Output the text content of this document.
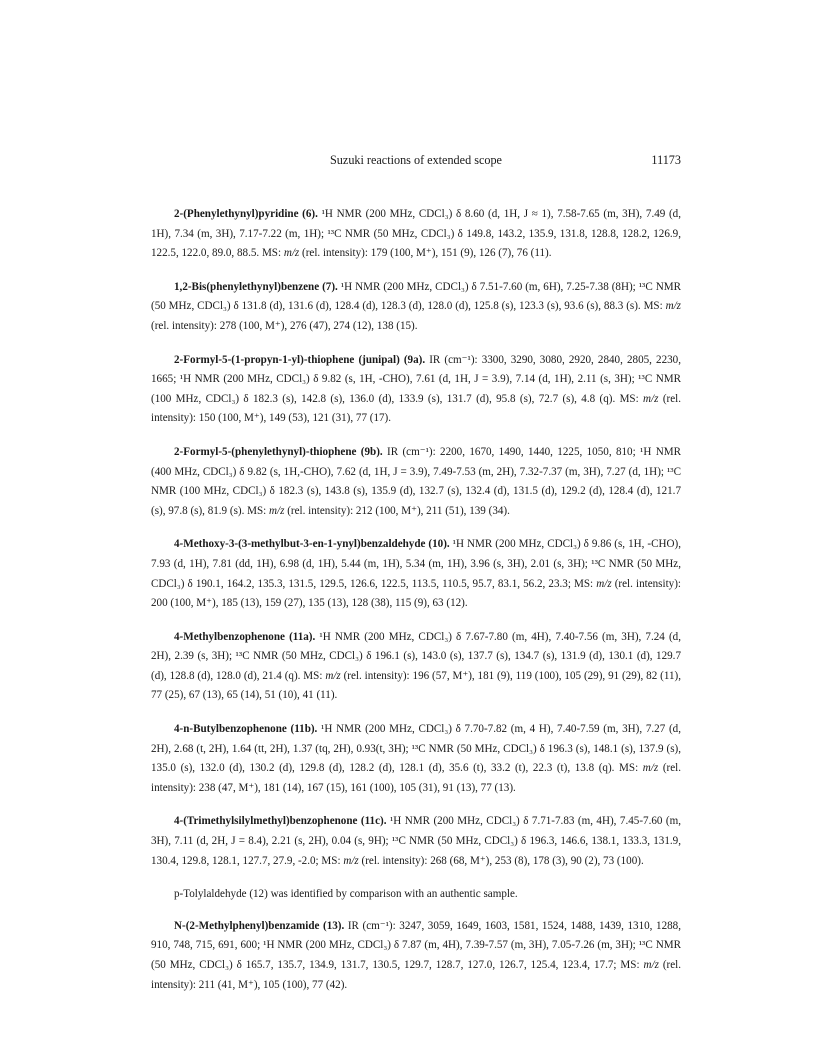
Suzuki reactions of extended scope	11173

2-(Phenylethynyl)pyridine (6). ¹H NMR (200 MHz, CDCl₃) δ 8.60 (d, 1H, J ≈ 1), 7.58-7.65 (m, 3H), 7.49 (d, 1H), 7.34 (m, 3H), 7.17-7.22 (m, 1H); ¹³C NMR (50 MHz, CDCl₃) δ 149.8, 143.2, 135.9, 131.8, 128.8, 128.2, 126.9, 122.5, 122.0, 89.0, 88.5. MS: m/z (rel. intensity): 179 (100, M⁺), 151 (9), 126 (7), 76 (11).

1,2-Bis(phenylethynyl)benzene (7). ¹H NMR (200 MHz, CDCl₃) δ 7.51-7.60 (m, 6H), 7.25-7.38 (8H); ¹³C NMR (50 MHz, CDCl₃) δ 131.8 (d), 131.6 (d), 128.4 (d), 128.3 (d), 128.0 (d), 125.8 (s), 123.3 (s), 93.6 (s), 88.3 (s). MS: m/z (rel. intensity): 278 (100, M⁺), 276 (47), 274 (12), 138 (15).

2-Formyl-5-(1-propyn-1-yl)-thiophene (junipal) (9a). IR (cm⁻¹): 3300, 3290, 3080, 2920, 2840, 2805, 2230, 1665; ¹H NMR (200 MHz, CDCl₃) δ 9.82 (s, 1H, -CHO), 7.61 (d, 1H, J = 3.9), 7.14 (d, 1H), 2.11 (s, 3H); ¹³C NMR (100 MHz, CDCl₃) δ 182.3 (s), 142.8 (s), 136.0 (d), 133.9 (s), 131.7 (d), 95.8 (s), 72.7 (s), 4.8 (q). MS: m/z (rel. intensity): 150 (100, M⁺), 149 (53), 121 (31), 77 (17).

2-Formyl-5-(phenylethynyl)-thiophene (9b). IR (cm⁻¹): 2200, 1670, 1490, 1440, 1225, 1050, 810; ¹H NMR (400 MHz, CDCl₃) δ 9.82 (s, 1H,-CHO), 7.62 (d, 1H, J = 3.9), 7.49-7.53 (m, 2H), 7.32-7.37 (m, 3H), 7.27 (d, 1H); ¹³C NMR (100 MHz, CDCl₃) δ 182.3 (s), 143.8 (s), 135.9 (d), 132.7 (s), 132.4 (d), 131.5 (d), 129.2 (d), 128.4 (d), 121.7 (s), 97.8 (s), 81.9 (s). MS: m/z (rel. intensity): 212 (100, M⁺), 211 (51), 139 (34).

4-Methoxy-3-(3-methylbut-3-en-1-ynyl)benzaldehyde (10). ¹H NMR (200 MHz, CDCl₃) δ 9.86 (s, 1H, -CHO), 7.93 (d, 1H), 7.81 (dd, 1H), 6.98 (d, 1H), 5.44 (m, 1H), 5.34 (m, 1H), 3.96 (s, 3H), 2.01 (s, 3H); ¹³C NMR (50 MHz, CDCl₃) δ 190.1, 164.2, 135.3, 131.5, 129.5, 126.6, 122.5, 113.5, 110.5, 95.7, 83.1, 56.2, 23.3; MS: m/z (rel. intensity): 200 (100, M⁺), 185 (13), 159 (27), 135 (13), 128 (38), 115 (9), 63 (12).

4-Methylbenzophenone (11a). ¹H NMR (200 MHz, CDCl₃) δ 7.67-7.80 (m, 4H), 7.40-7.56 (m, 3H), 7.24 (d, 2H), 2.39 (s, 3H); ¹³C NMR (50 MHz, CDCl₃) δ 196.1 (s), 143.0 (s), 137.7 (s), 134.7 (s), 131.9 (d), 130.1 (d), 129.7 (d), 128.8 (d), 128.0 (d), 21.4 (q). MS: m/z (rel. intensity): 196 (57, M⁺), 181 (9), 119 (100), 105 (29), 91 (29), 82 (11), 77 (25), 67 (13), 65 (14), 51 (10), 41 (11).

4-n-Butylbenzophenone (11b). ¹H NMR (200 MHz, CDCl₃) δ 7.70-7.82 (m, 4 H), 7.40-7.59 (m, 3H), 7.27 (d, 2H), 2.68 (t, 2H), 1.64 (tt, 2H), 1.37 (tq, 2H), 0.93(t, 3H); ¹³C NMR (50 MHz, CDCl₃) δ 196.3 (s), 148.1 (s), 137.9 (s), 135.0 (s), 132.0 (d), 130.2 (d), 129.8 (d), 128.2 (d), 128.1 (d), 35.6 (t), 33.2 (t), 22.3 (t), 13.8 (q). MS: m/z (rel. intensity): 238 (47, M⁺), 181 (14), 167 (15), 161 (100), 105 (31), 91 (13), 77 (13).

4-(Trimethylsilylmethyl)benzophenone (11c). ¹H NMR (200 MHz, CDCl₃) δ 7.71-7.83 (m, 4H), 7.45-7.60 (m, 3H), 7.11 (d, 2H, J = 8.4), 2.21 (s, 2H), 0.04 (s, 9H); ¹³C NMR (50 MHz, CDCl₃) δ 196.3, 146.6, 138.1, 133.3, 131.9, 130.4, 129.8, 128.1, 127.7, 27.9, -2.0; MS: m/z (rel. intensity): 268 (68, M⁺), 253 (8), 178 (3), 90 (2), 73 (100).

p-Tolylaldehyde (12) was identified by comparison with an authentic sample.

N-(2-Methylphenyl)benzamide (13). IR (cm⁻¹): 3247, 3059, 1649, 1603, 1581, 1524, 1488, 1439, 1310, 1288, 910, 748, 715, 691, 600; ¹H NMR (200 MHz, CDCl₃) δ 7.87 (m, 4H), 7.39-7.57 (m, 3H), 7.05-7.26 (m, 3H); ¹³C NMR (50 MHz, CDCl₃) δ 165.7, 135.7, 134.9, 131.7, 130.5, 129.7, 128.7, 127.0, 126.7, 125.4, 123.4, 17.7; MS: m/z (rel. intensity): 211 (41, M⁺), 105 (100), 77 (42).
